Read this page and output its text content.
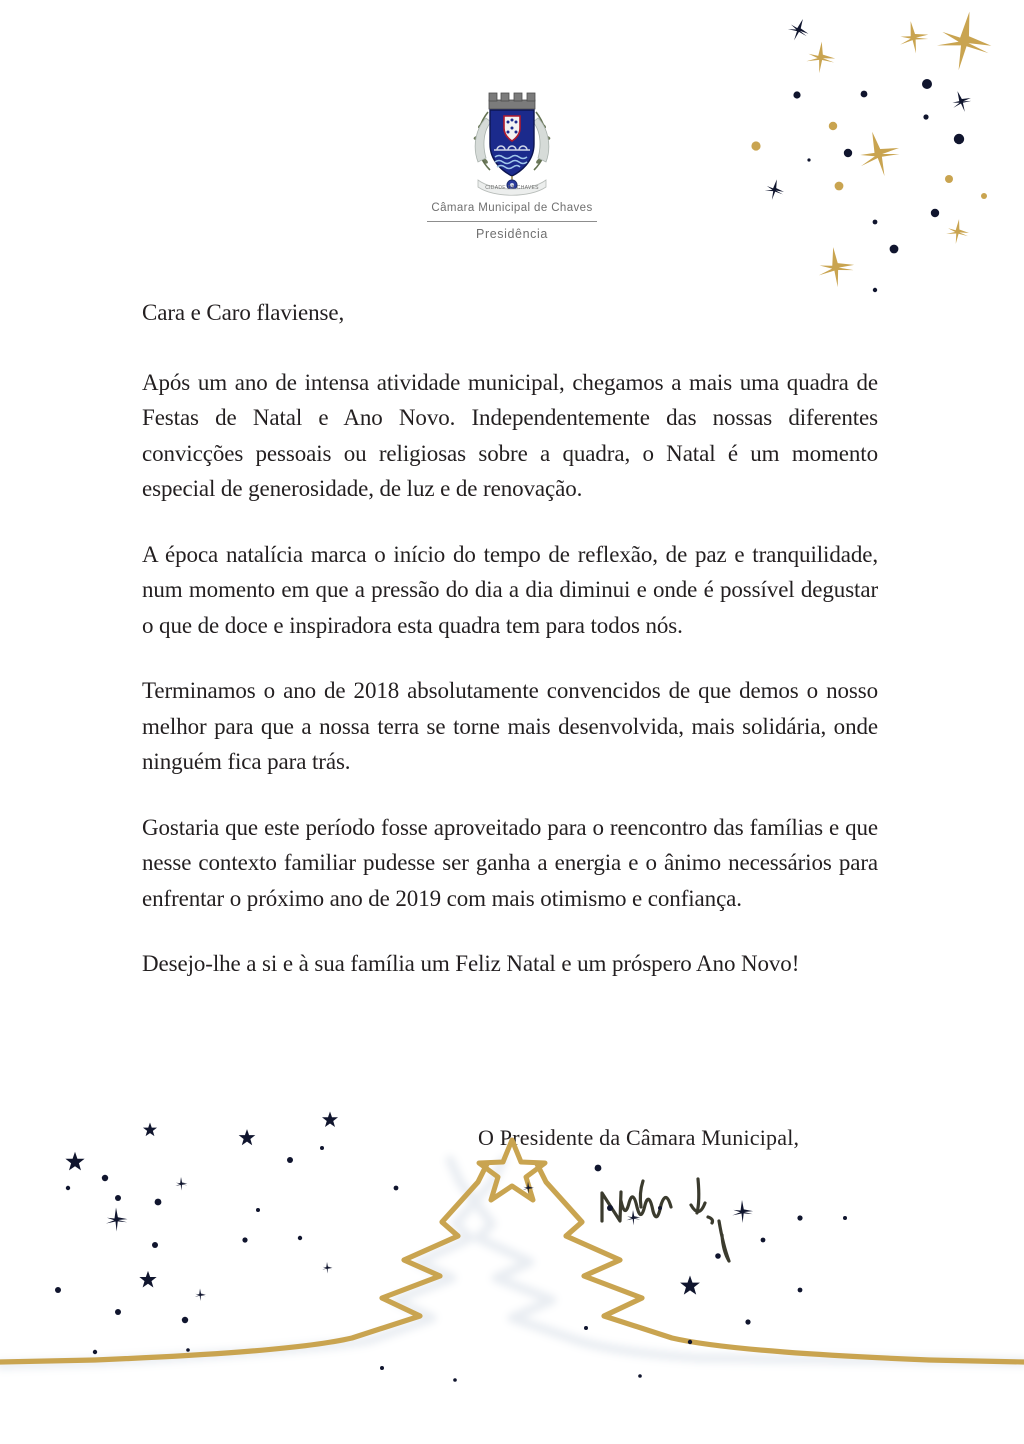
CIDADE DE CHAVES
Câmara Municipal de Chaves
Presidência

Cara e Caro flaviense,

Após um ano de intensa atividade municipal, chegamos a mais uma quadra de Festas de Natal e Ano Novo. Independentemente das nossas diferentes convicções pessoais ou religiosas sobre a quadra, o Natal é um momento especial de generosidade, de luz e de renovação.

A época natalícia marca o início do tempo de reflexão, de paz e tranquilidade, num momento em que a pressão do dia a dia diminui e onde é possível degustar o que de doce e inspiradora esta quadra tem para todos nós.

Terminamos o ano de 2018 absolutamente convencidos de que demos o nosso melhor para que a nossa terra se torne mais desenvolvida, mais solidária, onde ninguém fica para trás.

Gostaria que este período fosse aproveitado para o reencontro das famílias e que nesse contexto familiar pudesse ser ganha a energia e o ânimo necessários para enfrentar o próximo ano de 2019 com mais otimismo e confiança.

Desejo-lhe a si e à sua família um Feliz Natal e um próspero Ano Novo!

O Presidente da Câmara Municipal,
